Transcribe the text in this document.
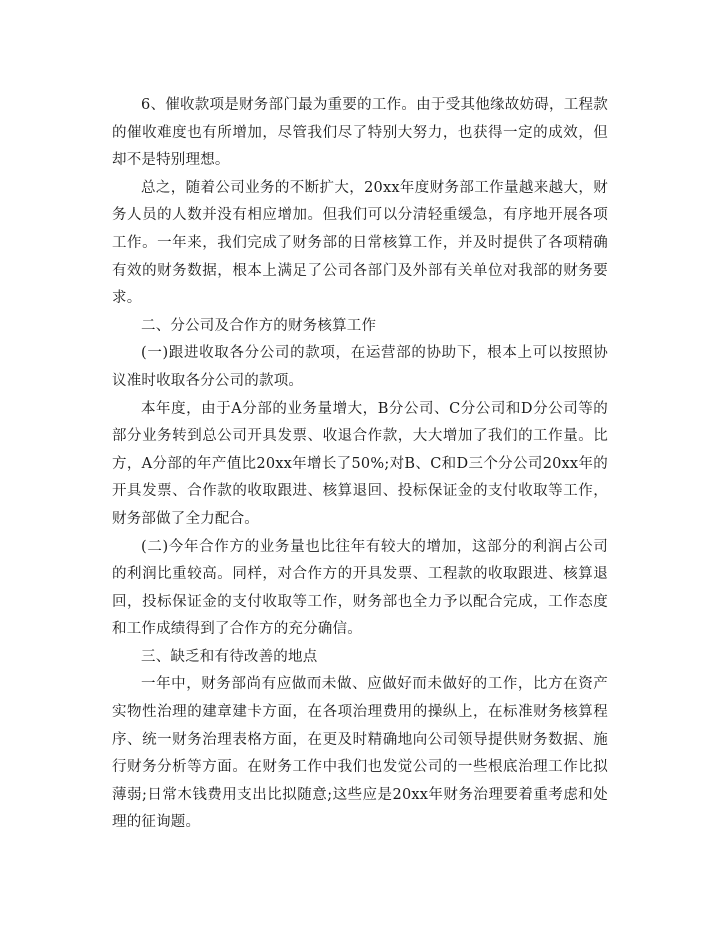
6、催收款项是财务部门最为重要的工作。由于受其他缘故妨碍，工程款的催收难度也有所增加，尽管我们尽了特别大努力，也获得一定的成效，但却不是特别理想。

总之，随着公司业务的不断扩大，20xx年度财务部工作量越来越大，财务人员的人数并没有相应增加。但我们可以分清轻重缓急，有序地开展各项工作。一年来，我们完成了财务部的日常核算工作，并及时提供了各项精确有效的财务数据，根本上满足了公司各部门及外部有关单位对我部的财务要求。

二、分公司及合作方的财务核算工作

(一)跟进收取各分公司的款项，在运营部的协助下，根本上可以按照协议准时收取各分公司的款项。

本年度，由于A分部的业务量增大，B分公司、C分公司和D分公司等的部分业务转到总公司开具发票、收退合作款，大大增加了我们的工作量。比方，A分部的年产值比20xx年增长了50%;对B、C和D三个分公司20xx年的开具发票、合作款的收取跟进、核算退回、投标保证金的支付收取等工作，财务部做了全力配合。

(二)今年合作方的业务量也比往年有较大的增加，这部分的利润占公司的利润比重较高。同样，对合作方的开具发票、工程款的收取跟进、核算退回，投标保证金的支付收取等工作，财务部也全力予以配合完成，工作态度和工作成绩得到了合作方的充分确信。

三、缺乏和有待改善的地点

一年中，财务部尚有应做而未做、应做好而未做好的工作，比方在资产实物性治理的建章建卡方面，在各项治理费用的操纵上，在标准财务核算程序、统一财务治理表格方面，在更及时精确地向公司领导提供财务数据、施行财务分析等方面。在财务工作中我们也发觉公司的一些根底治理工作比拟薄弱;日常木钱费用支出比拟随意;这些应是20xx年财务治理要着重考虑和处理的征询题。
